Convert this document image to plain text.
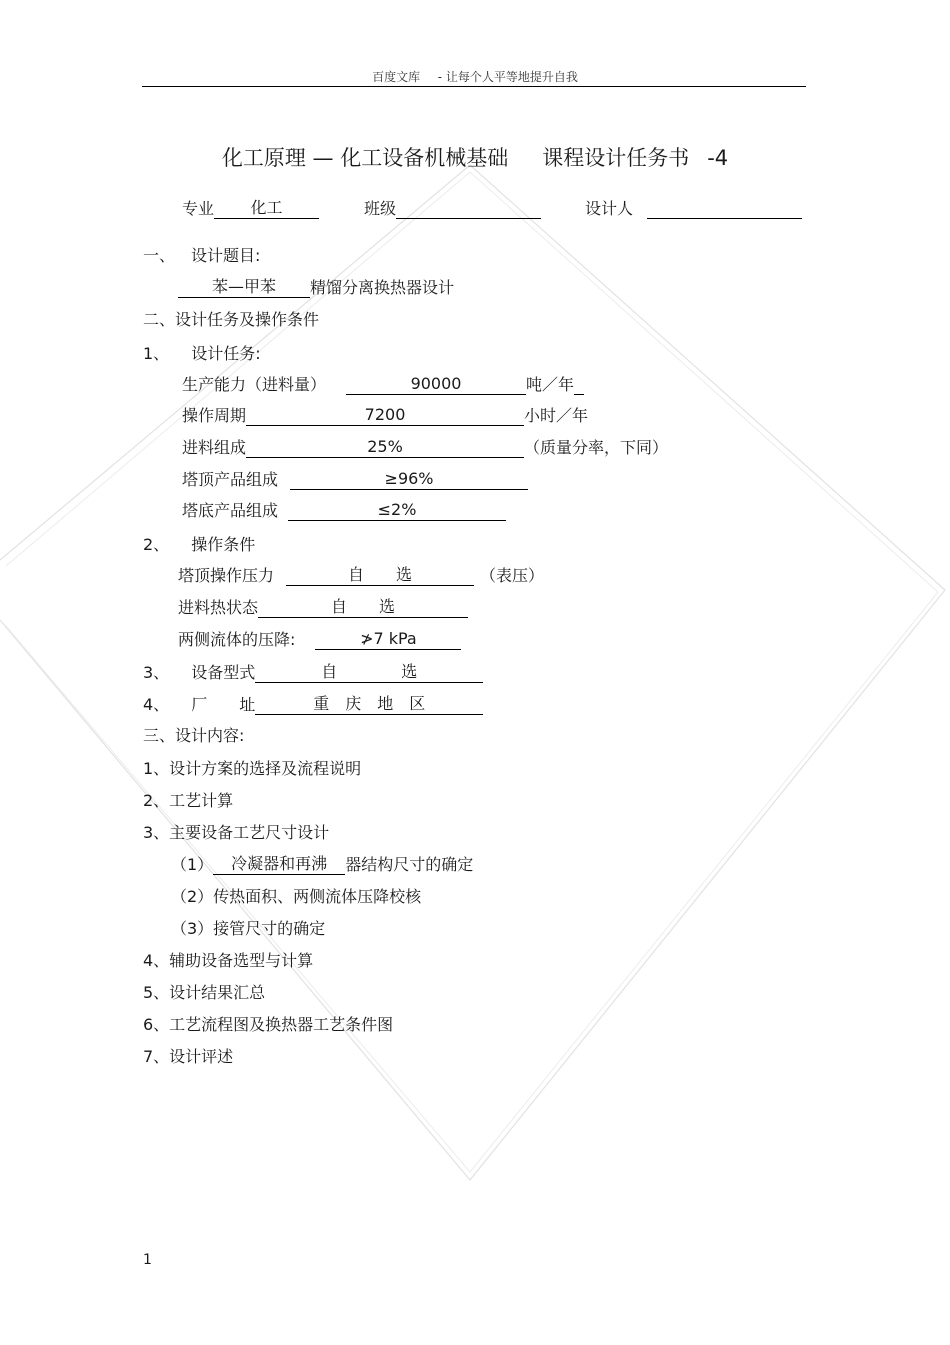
百度文库 - 让每个人平等地提升自我
化工原理 — 化工设备机械基础 课程设计任务书 -4
专业 化工	班级	设计人
一、 设计题目:
苯—甲苯 精馏分离换热器设计
二、设计任务及操作条件
1、 设计任务:
生产能力（进料量）	90000	吨／年
操作周期	7200	小时／年
进料组成	25%	（质量分率，下同）
塔顶产品组成	≥96%
塔底产品组成	≤2%
2、 操作条件
塔顶操作压力	自　　选	（表压）
进料热状态	自　　选
两侧流体的压降:	≯7 kPa
3、 设备型式	自　　　　选
4、 厂　　址	重　庆　地　区
三、设计内容:
1、设计方案的选择及流程说明
2、工艺计算
3、主要设备工艺尺寸设计
（1） 冷凝器和再沸 器结构尺寸的确定
（2）传热面积、两侧流体压降校核
（3）接管尺寸的确定
4、辅助设备选型与计算
5、设计结果汇总
6、工艺流程图及换热器工艺条件图
7、设计评述
1
